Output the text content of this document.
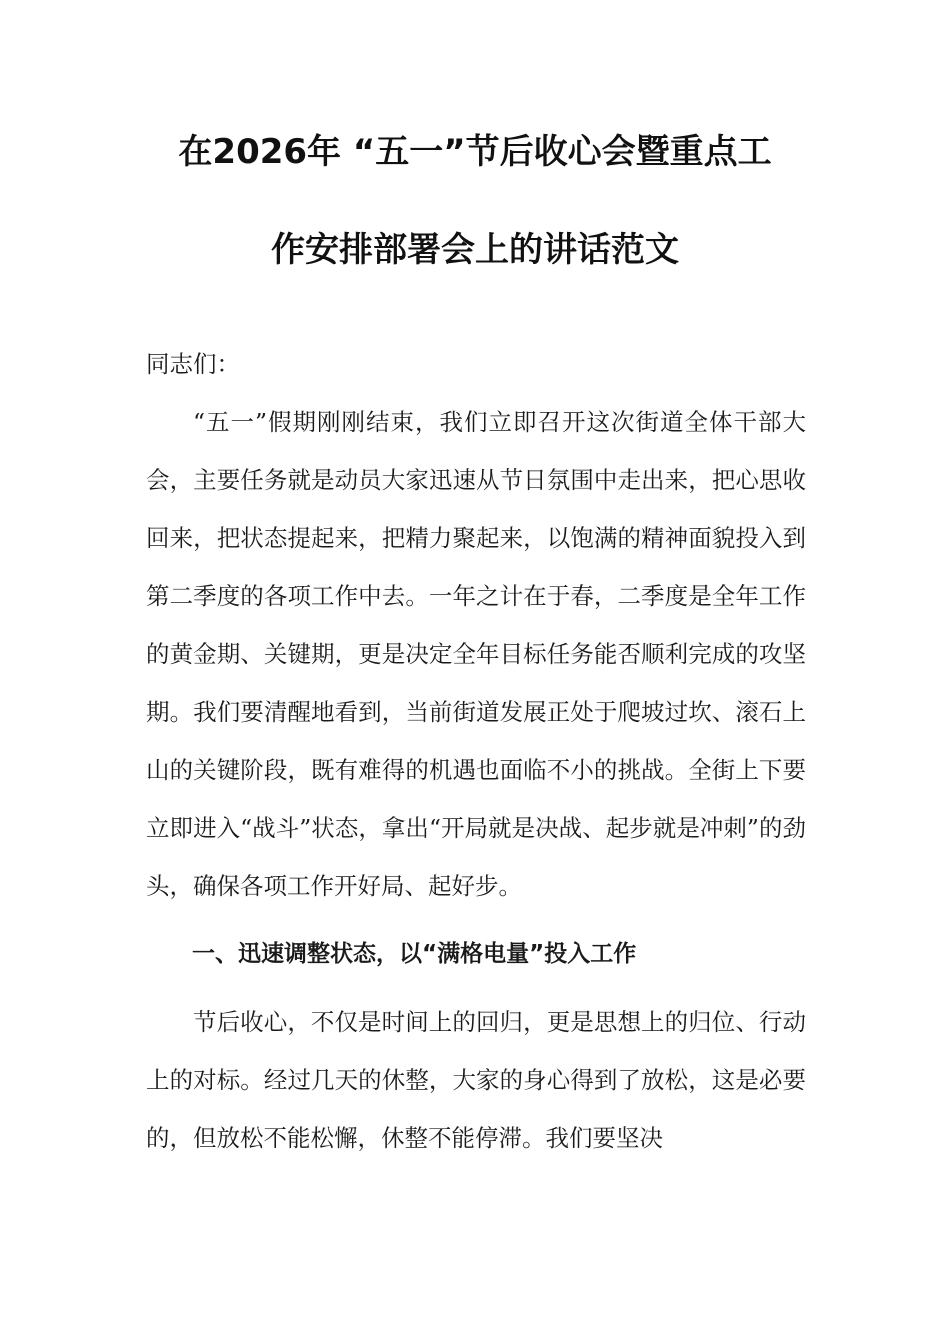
在2026年 “五一”节后收心会暨重点工
作安排部署会上的讲话范文

同志们：

“五一”假期刚刚结束，我们立即召开这次街道全体干部大会，主要任务就是动员大家迅速从节日氛围中走出来，把心思收回来，把状态提起来，把精力聚起来，以饱满的精神面貌投入到第二季度的各项工作中去。一年之计在于春，二季度是全年工作的黄金期、关键期，更是决定全年目标任务能否顺利完成的攻坚期。我们要清醒地看到，当前街道发展正处于爬坡过坎、滚石上山的关键阶段，既有难得的机遇也面临不小的挑战。全街上下要立即进入“战斗”状态，拿出“开局就是决战、起步就是冲刺”的劲头，确保各项工作开好局、起好步。

一、迅速调整状态，以“满格电量”投入工作

节后收心，不仅是时间上的回归，更是思想上的归位、行动上的对标。经过几天的休整，大家的身心得到了放松，这是必要的，但放松不能松懈，休整不能停滞。我们要坚决
